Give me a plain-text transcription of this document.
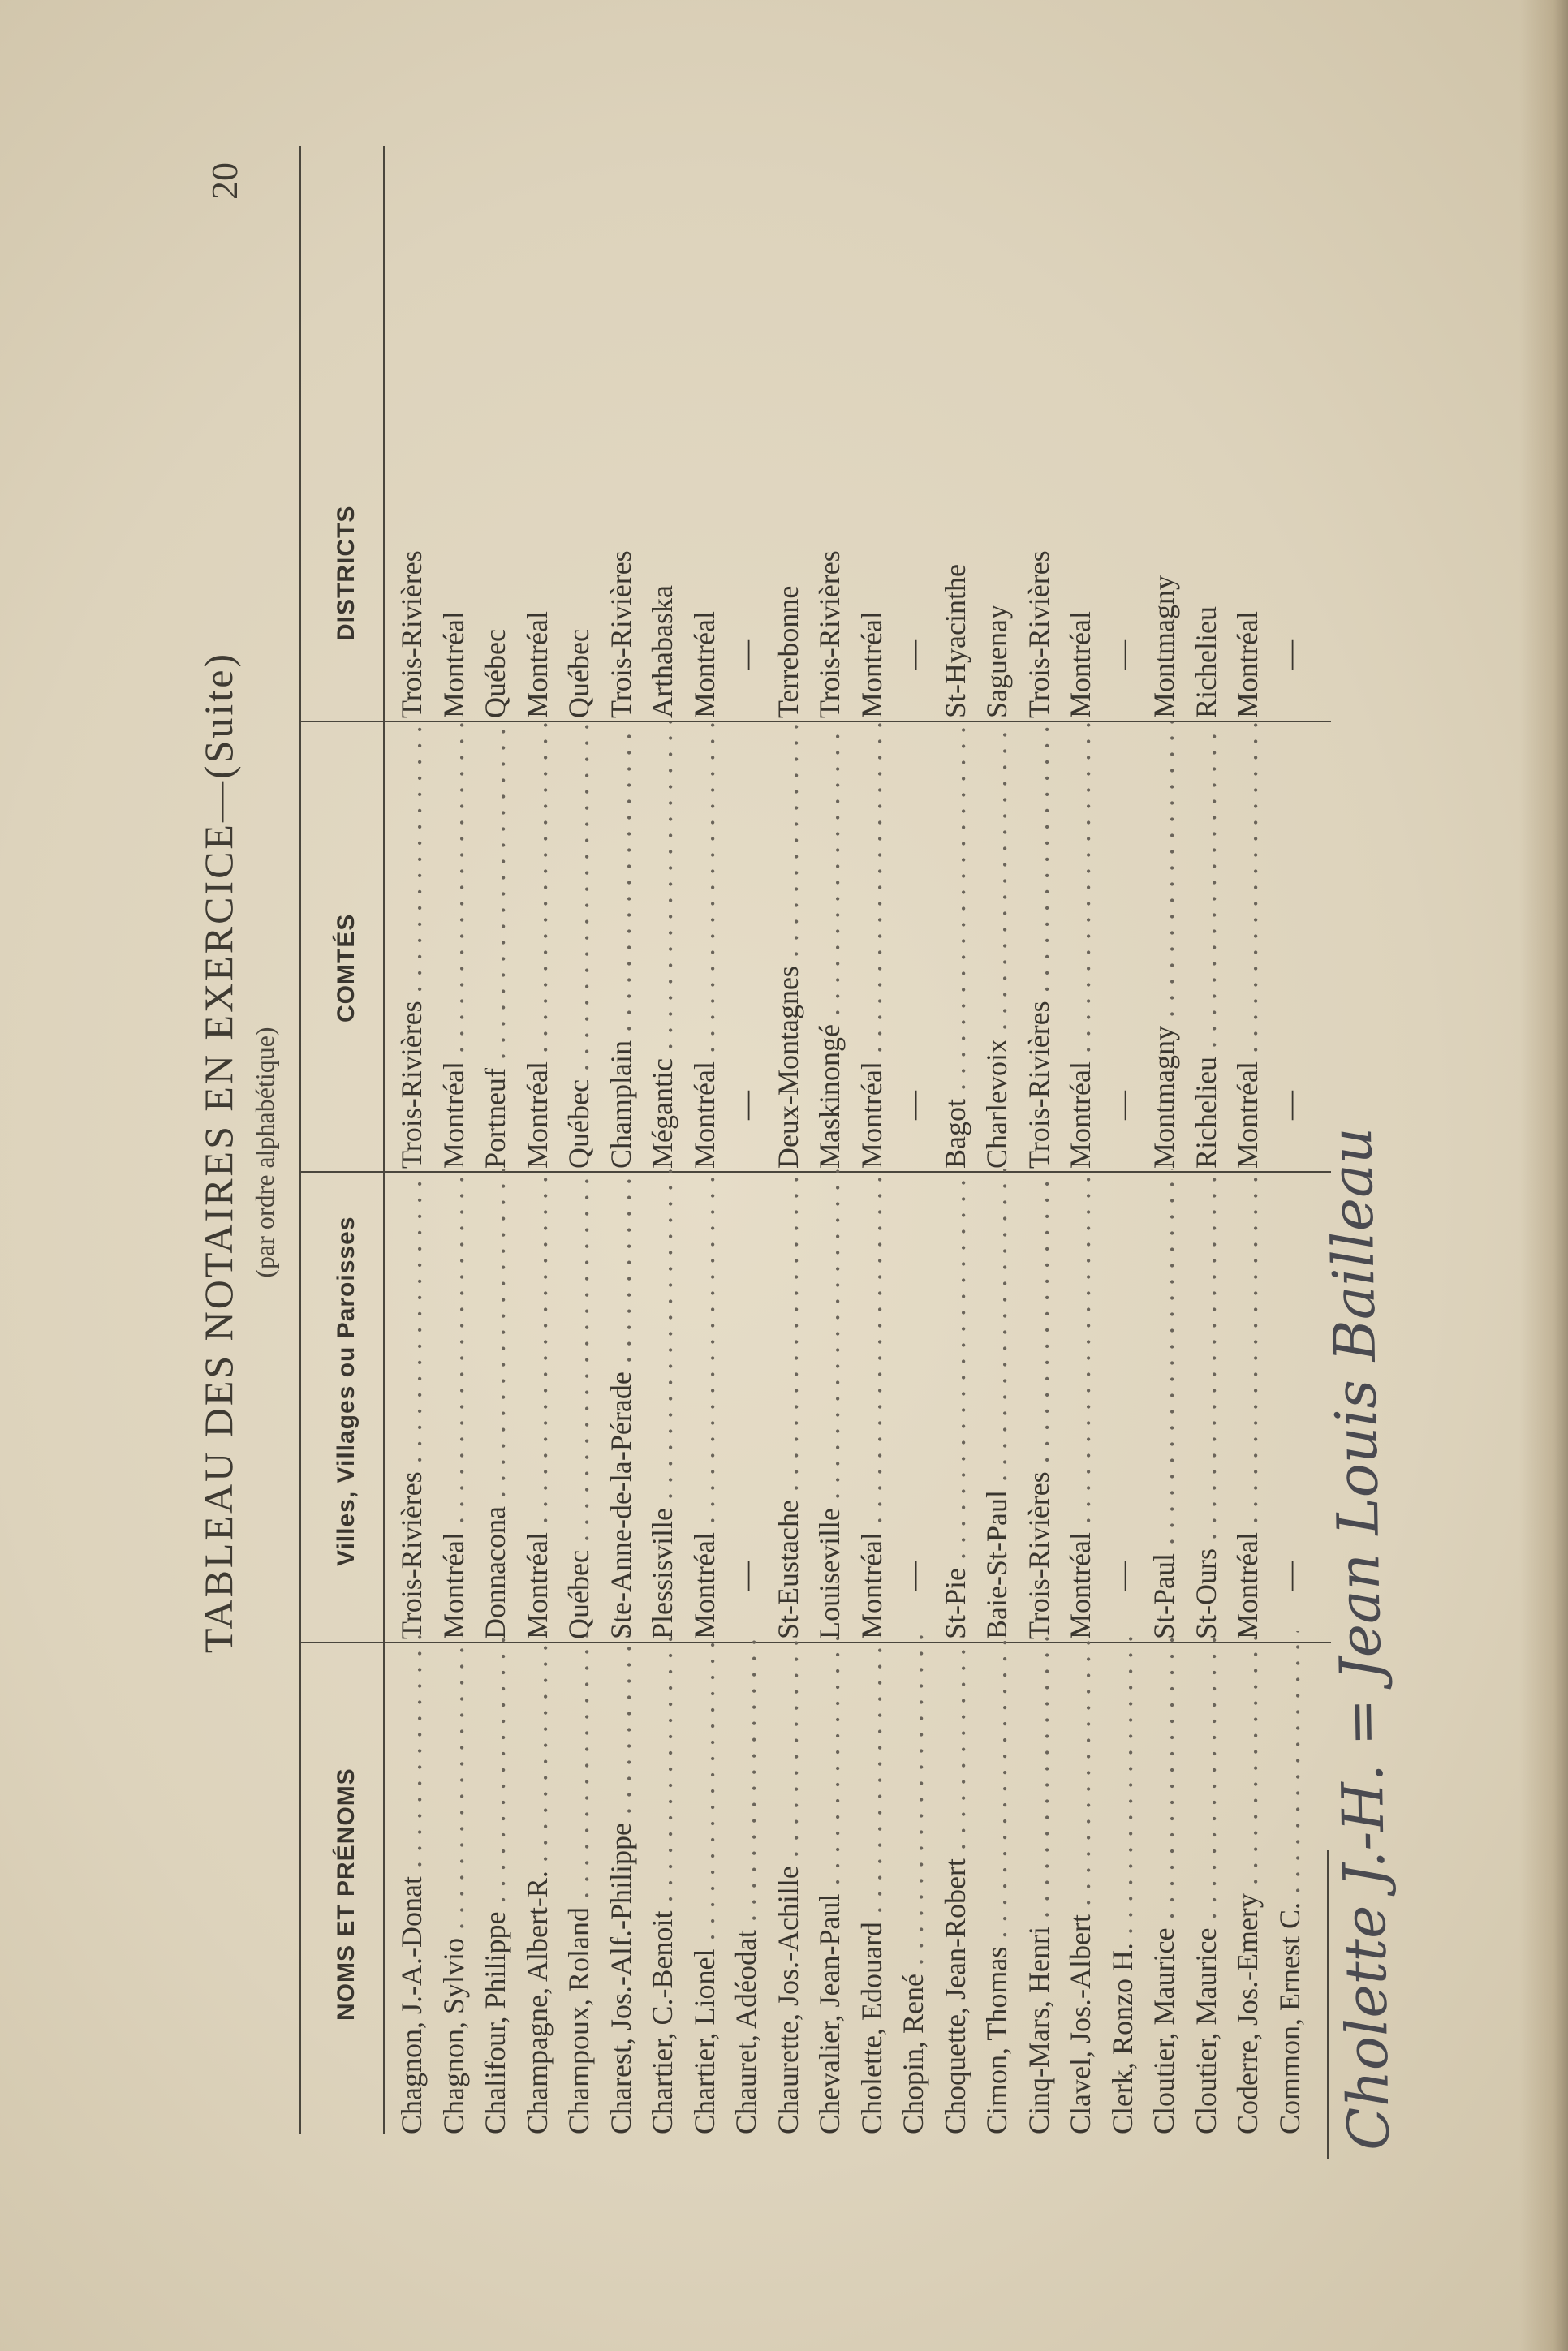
20
TABLEAU DES NOTAIRES EN EXERCICE—(Suite) (par ordre alphabétique)
NOMS ET PRÉNOMS
Villes, Villages ou Paroisses
COMTÉS
DISTRICTS
Chagnon, J.-A.-Donat . . .
Trois-Rivières . . .
Trois-Rivières . . .
Trois-Rivières
Chagnon, Sylvio . . .
Montréal . . .
Montréal . . .
Montréal
Chalifour, Philippe . . .
Donnacona . . .
Portneuf . . .
Québec
Champagne, Albert-R. . . .
Montréal . . .
Montréal . . .
Montréal
Champoux, Roland . . .
Québec . . .
Québec . . .
Québec
Charest, Jos.-Alf.-Philippe . . .
Ste-Anne-de-la-Pérade . . .
Champlain . . .
Trois-Rivières
Chartier, C.-Benoit . . .
Plessisville . . .
Mégantic . . .
Arthabaska
Chartier, Lionel . . .
Montréal . . .
Montréal . . .
Montréal
Chauret, Adéodat . . .
—
—
—
Chaurette, Jos.-Achille . . .
St-Eustache . . .
Deux-Montagnes . . .
Terrebonne
Chevalier, Jean-Paul . . .
Louiseville . . .
Maskinongé . . .
Trois-Rivières
Cholette, Edouard . . .
Montréal . . .
Montréal . . .
Montréal
Chopin, René . . .
—
—
—
Choquette, Jean-Robert . . .
St-Pie . . .
Bagot . . .
St-Hyacinthe
Cimon, Thomas . . .
Baie-St-Paul . . .
Charlevoix . . .
Saguenay
Cinq-Mars, Henri . . .
Trois-Rivières . . .
Trois-Rivières . . .
Trois-Rivières
Clavel, Jos.-Albert . . .
Montréal . . .
Montréal . . .
Montréal
Clerk, Ronzo H. . . .
—
—
—
Cloutier, Maurice . . .
St-Paul . . .
Montmagny . . .
Montmagny
Cloutier, Maurice . . .
St-Ours . . .
Richelieu . . .
Richelieu
Coderre, Jos.-Emery . . .
Montréal . . .
Montréal . . .
Montréal
Common, Ernest C. . . .
—
—
—
Cholette J.-H. = Jean Louis Bailleau
